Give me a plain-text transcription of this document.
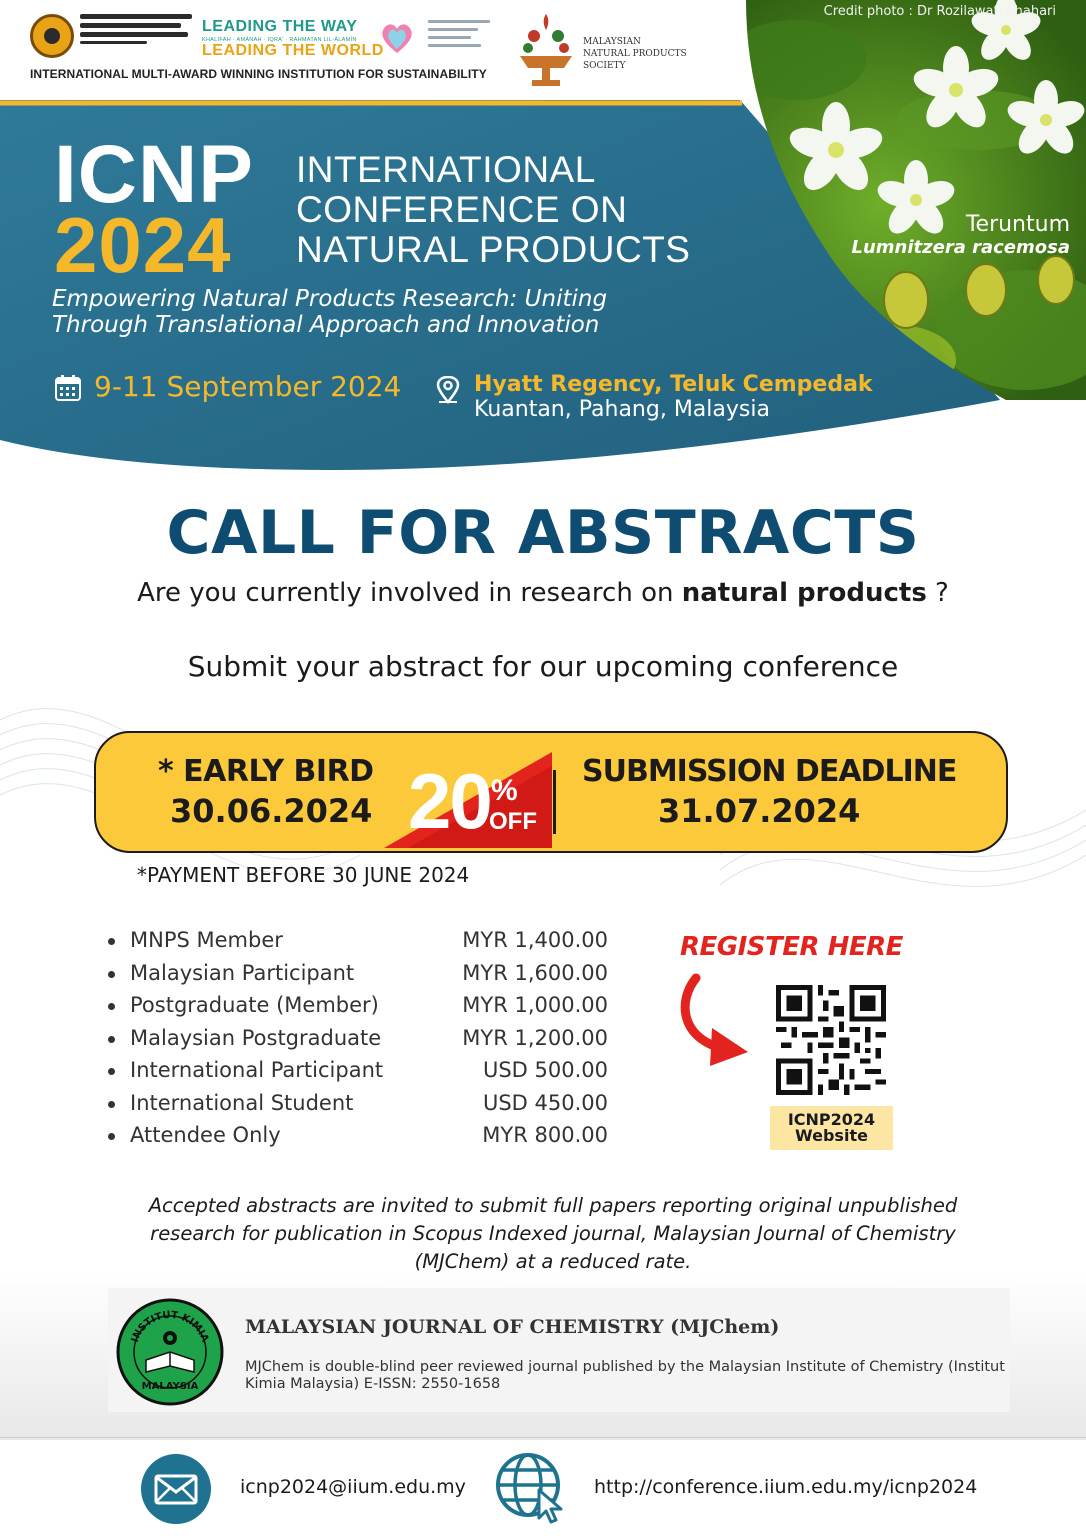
Credit photo : Dr Rozilawati Shahari
Teruntum
Lumnitzera racemosa
LEADING THE WAY
KHALIFAH · AMĀNAH · IQRA' · RAHMATAN LIL-ĀLAMĪN
LEADING THE WORLD
INTERNATIONAL MULTI-AWARD WINNING INSTITUTION FOR SUSTAINABILITY
MALAYSIAN
NATURAL PRODUCTS
SOCIETY
ICNP
2024
INTERNATIONAL
CONFERENCE ON
NATURAL PRODUCTS
Empowering Natural Products Research: Uniting
Through Translational Approach and Innovation
9-11 September 2024	Hyatt Regency, Teluk Cempedak
Kuantan, Pahang, Malaysia
CALL FOR ABSTRACTS
Are you currently involved in research on natural products ?
Submit your abstract for our upcoming conference
* EARLY BIRD
30.06.2024 20 %
OFF
SUBMISSION DEADLINE
31.07.2024
*PAYMENT BEFORE 30 JUNE 2024
MNPS Member	MYR 1,400.00
Malaysian Participant	MYR 1,600.00
Postgraduate (Member)	MYR 1,000.00
Malaysian Postgraduate	MYR 1,200.00
International Participant	USD 500.00
International Student	USD 450.00
Attendee Only	MYR 800.00
REGISTER HERE
ICNP2024
Website
Accepted abstracts are invited to submit full papers reporting original unpublished research for publication in Scopus Indexed journal, Malaysian Journal of Chemistry (MJChem) at a reduced rate.
INSTITUT KIMIA
MALAYSIA
MALAYSIAN JOURNAL OF CHEMISTRY (MJChem)
MJChem is double-blind peer reviewed journal published by the Malaysian Institute of Chemistry (Institut Kimia Malaysia) E-ISSN: 2550-1658
icnp2024@iium.edu.my	http://conference.iium.edu.my/icnp2024
